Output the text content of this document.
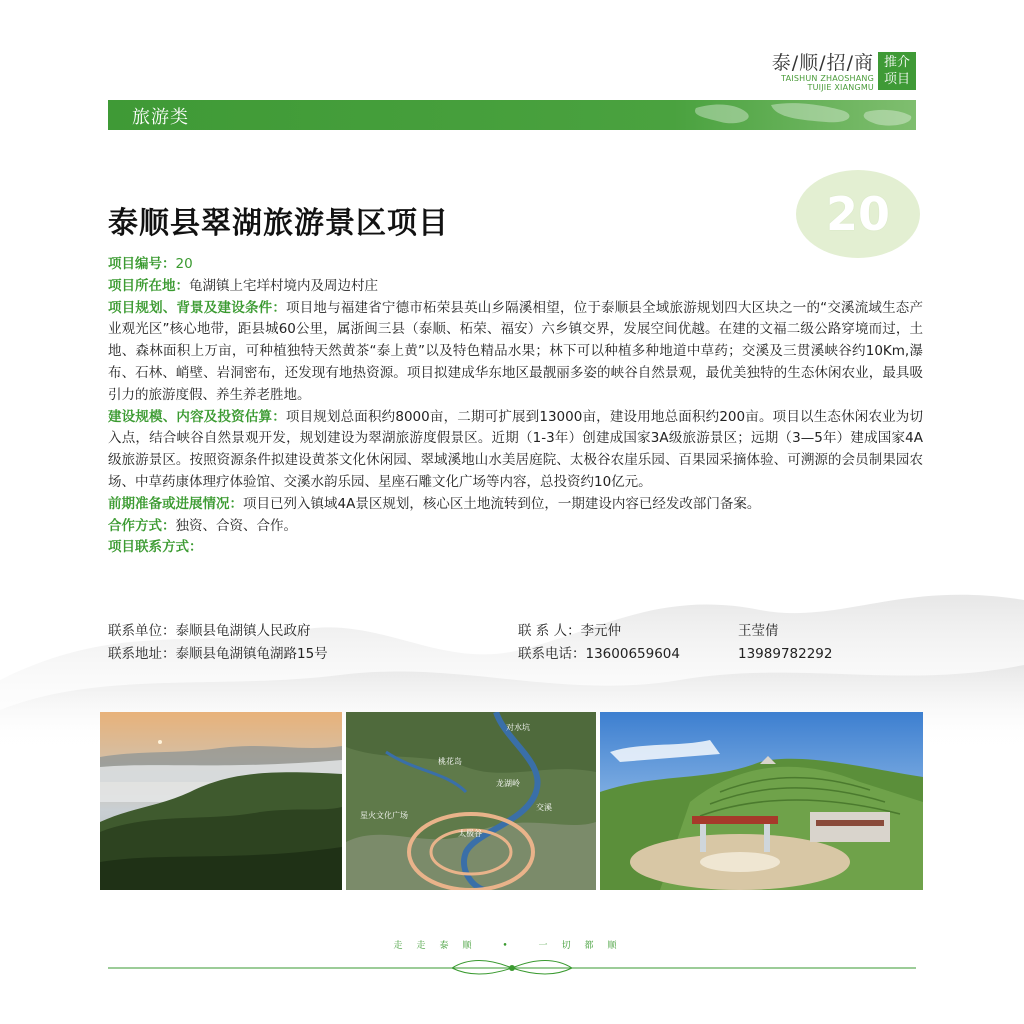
泰/顺/招/商
TAISHUN ZHAOSHANG
TUIJIE XIANGMU
推介
项目
旅游类
20
泰顺县翠湖旅游景区项目

项目编号：20

项目所在地：龟湖镇上宅垟村境内及周边村庄

项目规划、背景及建设条件：项目地与福建省宁德市柘荣县英山乡隔溪相望，位于泰顺县全域旅游规划四大区块之一的“交溪流域生态产业观光区”核心地带，距县城60公里，属浙闽三县（泰顺、柘荣、福安）六乡镇交界，发展空间优越。在建的文福二级公路穿境而过，土地、森林面积上万亩，可种植独特天然黄茶“泰上黄”以及特色精品水果；林下可以种植多种地道中草药；交溪及三贯溪峡谷约10Km,瀑布、石林、峭壁、岩洞密布，还发现有地热资源。项目拟建成华东地区最靓丽多姿的峡谷自然景观，最优美独特的生态休闲农业，最具吸引力的旅游度假、养生养老胜地。

建设规模、内容及投资估算：项目规划总面积约8000亩，二期可扩展到13000亩，建设用地总面积约200亩。项目以生态休闲农业为切入点，结合峡谷自然景观开发，规划建设为翠湖旅游度假景区。近期（1-3年）创建成国家3A级旅游景区；远期（3—5年）建成国家4A级旅游景区。按照资源条件拟建设黄茶文化休闲园、翠域溪地山水美居庭院、太极谷农崖乐园、百果园采摘体验、可溯源的会员制果园农场、中草药康体理疗体验馆、交溪水韵乐园、星座石雕文化广场等内容，总投资约10亿元。

前期准备或进展情况：项目已列入镇域4A景区规划，核心区土地流转到位，一期建设内容已经发改部门备案。

合作方式：独资、合资、合作。

项目联系方式：

联系单位：泰顺县龟湖镇人民政府	联 系 人：李元仲	王莹倩
联系地址：泰顺县龟湖镇龟湖路15号	联系电话：13600659604	13989782292
对水坑
桃花岛
龙湖岭
星火文化广场
太极谷
交溪
走走泰顺 • 一切都顺
